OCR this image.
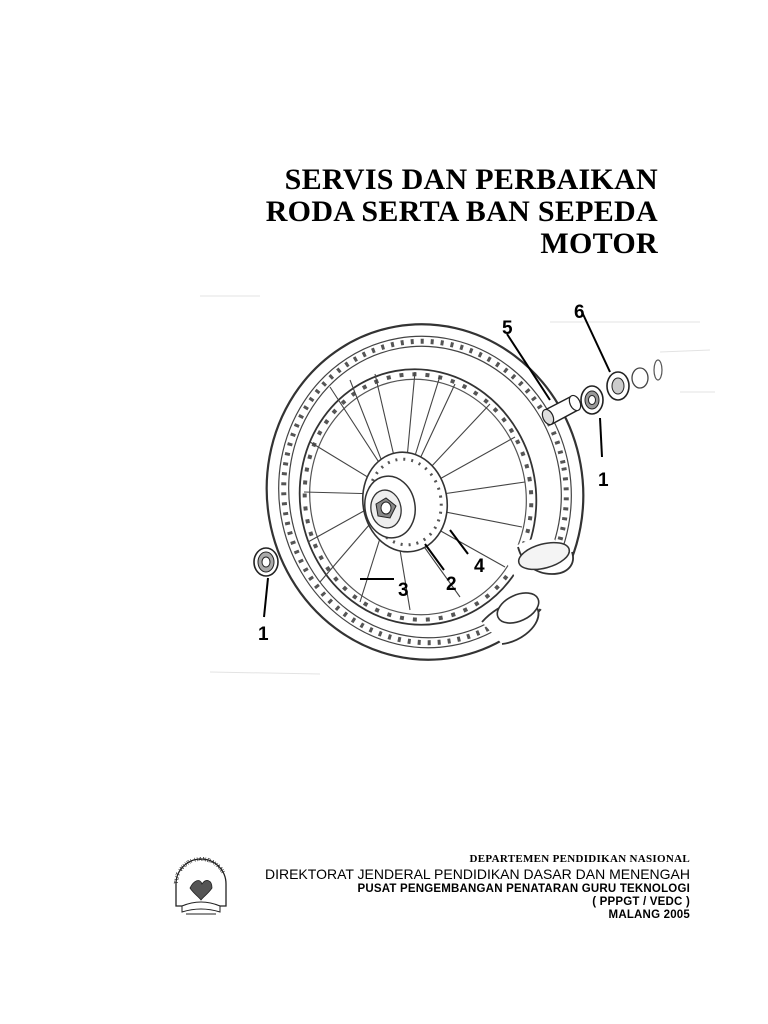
SERVIS DAN PERBAIKAN
RODA SERTA BAN SEPEDA
MOTOR
5
6
1
4
2
3
1
TUT WURI HANDAYANI
DEPARTEMEN PENDIDIKAN NASIONAL
DIREKTORAT JENDERAL PENDIDIKAN DASAR DAN MENENGAH
PUSAT PENGEMBANGAN PENATARAN GURU TEKNOLOGI
( PPPGT / VEDC )
MALANG 2005
